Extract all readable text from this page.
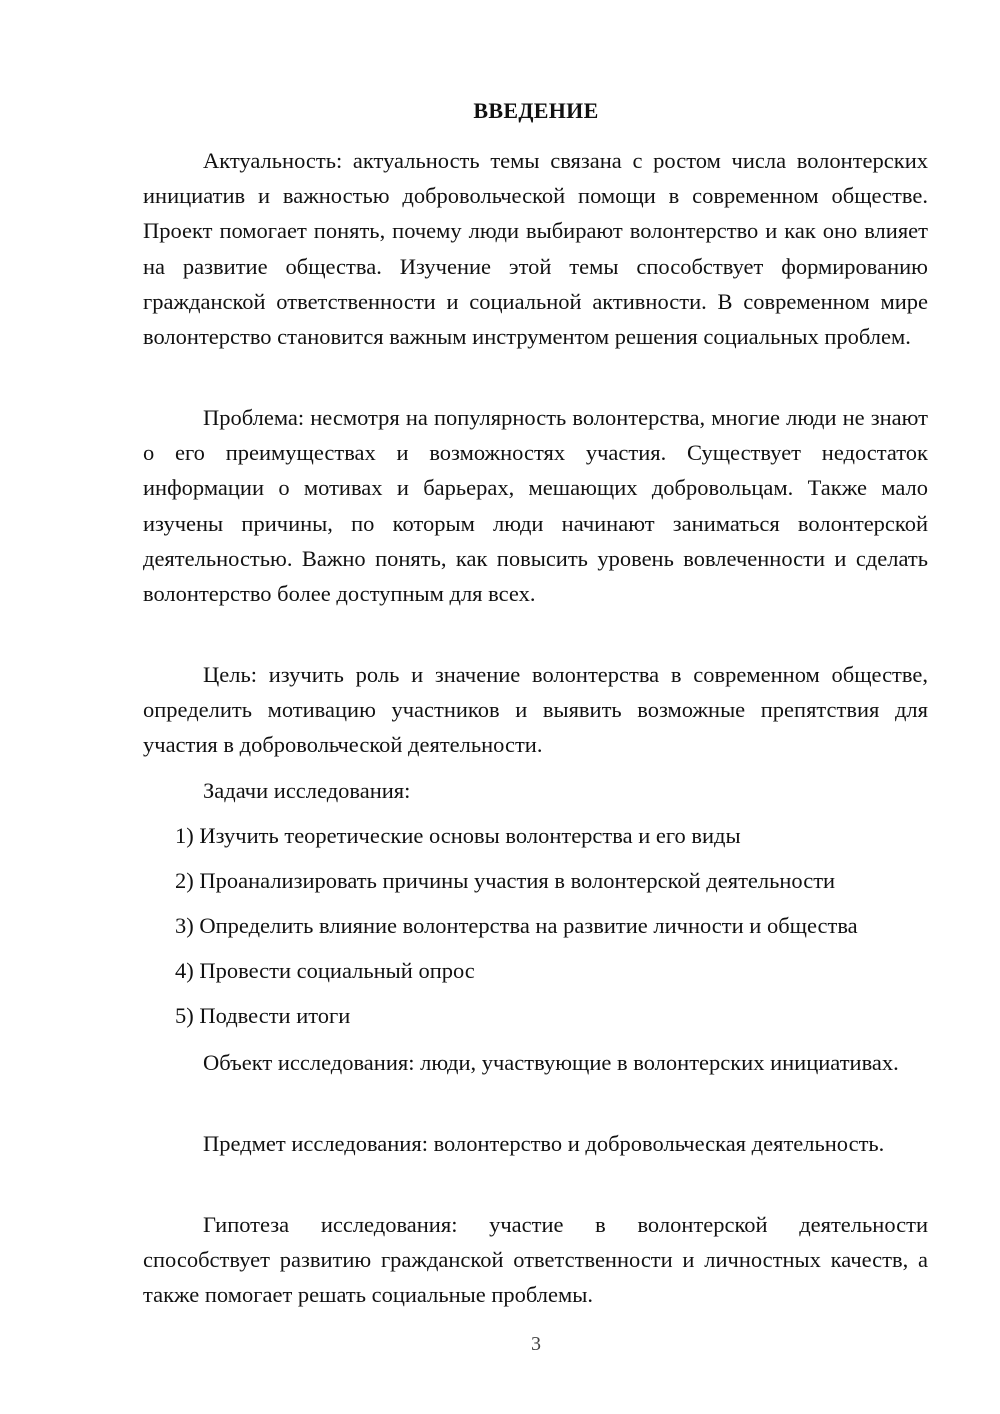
ВВЕДЕНИЕ

Актуальность: актуальность темы связана с ростом числа волонтерских инициатив и важностью добровольческой помощи в современном обществе. Проект помогает понять, почему люди выбирают волонтерство и как оно влияет на развитие общества. Изучение этой темы способствует формированию гражданской ответственности и социальной активности. В современном мире волонтерство становится важным инструментом решения социальных проблем.

Проблема: несмотря на популярность волонтерства, многие люди не знают о его преимуществах и возможностях участия. Существует недостаток информации о мотивах и барьерах, мешающих добровольцам. Также мало изучены причины, по которым люди начинают заниматься волонтерской деятельностью. Важно понять, как повысить уровень вовлеченности и сделать волонтерство более доступным для всех.

Цель: изучить роль и значение волонтерства в современном обществе, определить мотивацию участников и выявить возможные препятствия для участия в добровольческой деятельности.

Задачи исследования:
1) Изучить теоретические основы волонтерства и его виды
2) Проанализировать причины участия в волонтерской деятельности
3) Определить влияние волонтерства на развитие личности и общества
4) Провести социальный опрос
5) Подвести итоги

Объект исследования: люди, участвующие в волонтерских инициативах.

Предмет исследования: волонтерство и добровольческая деятельность.

Гипотеза исследования: участие в волонтерской деятельности способствует развитию гражданской ответственности и личностных качеств, а также помогает решать социальные проблемы.

3
